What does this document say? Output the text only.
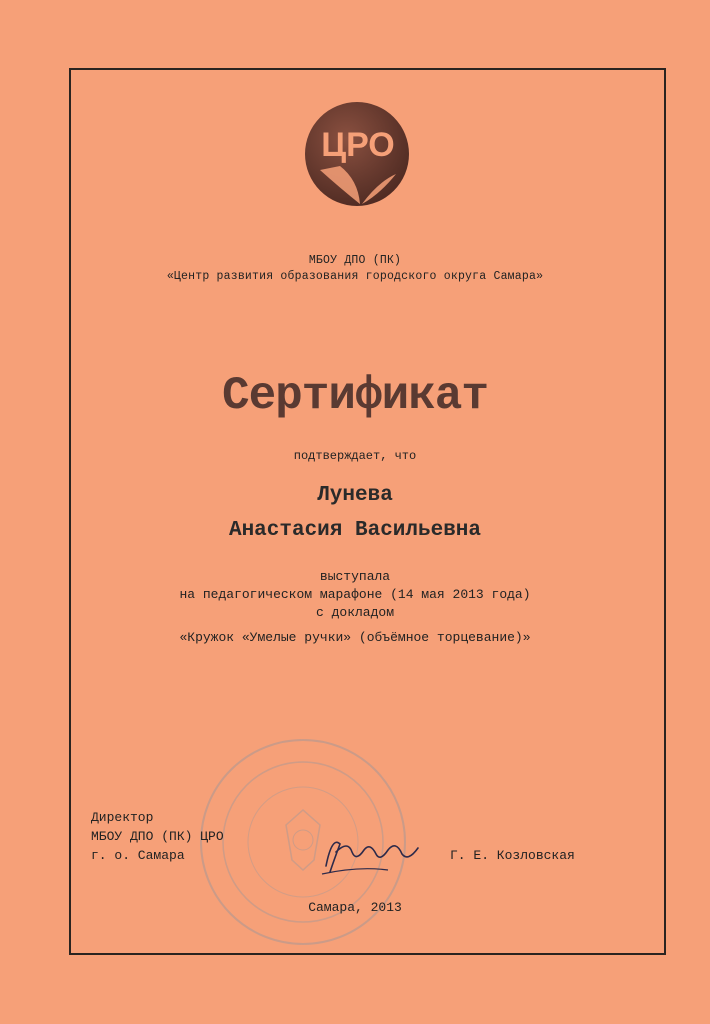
ЦРО
МБОУ ДПО (ПК)
«Центр развития образования городского округа Самара»
Сертификат
подтверждает, что
Лунева
Анастасия Васильевна
выступала
на педагогическом марафоне (14 мая 2013 года)
с докладом
«Кружок «Умелые ручки» (объёмное торцевание)»
Директор
МБОУ ДПО (ПК) ЦРО
г. о. Самара	Г. Е. Козловская
Самара, 2013
